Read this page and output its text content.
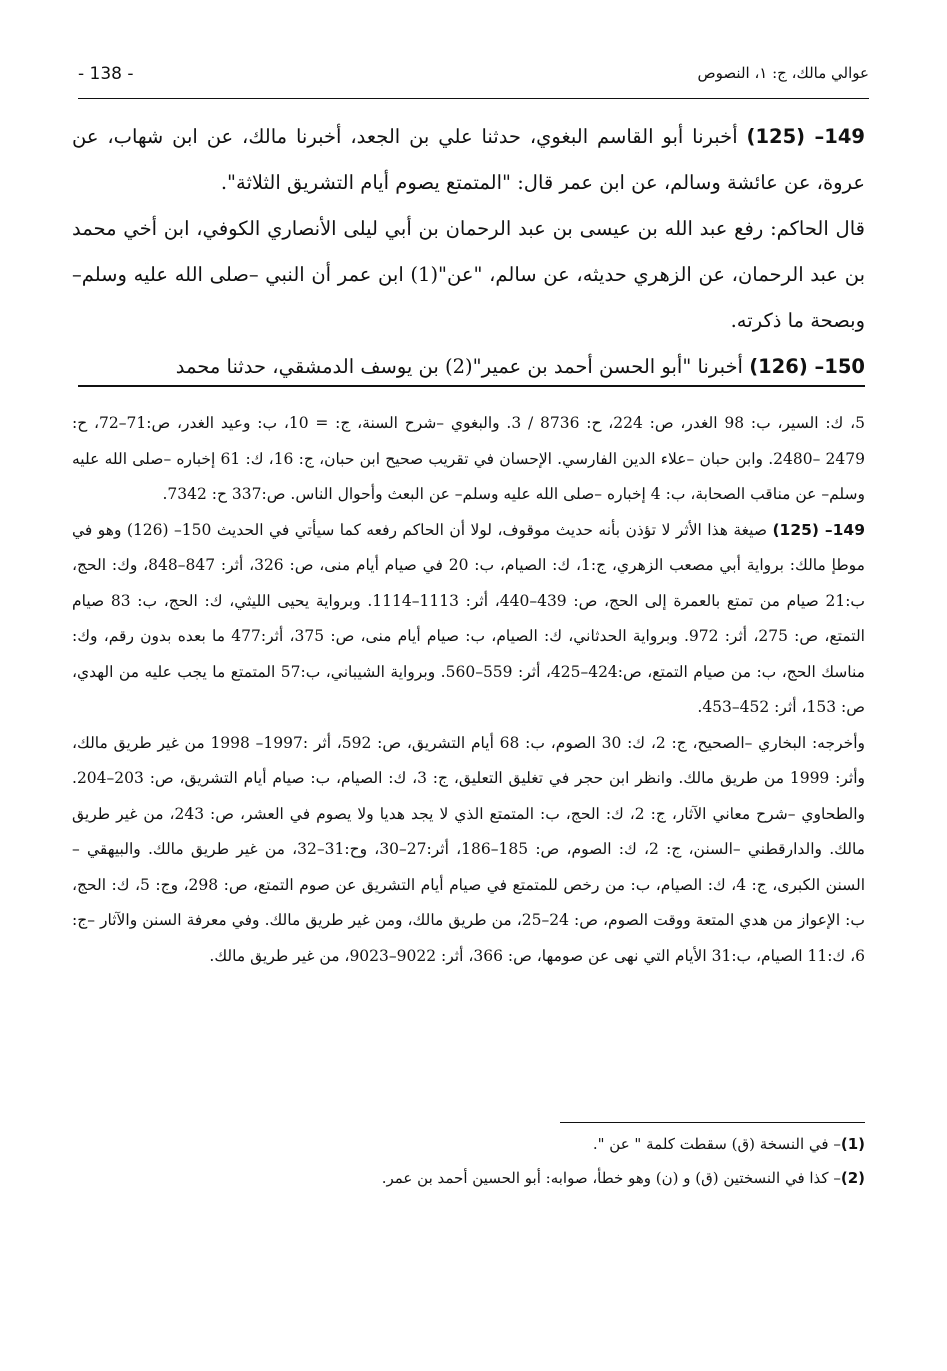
- 138 -	عوالي مالك، ج: ١، النصوص

149– (125) أخبرنا أبو القاسم البغوي، حدثنا علي بن الجعد، أخبرنا مالك، عن ابن شهاب، عن عروة، عن عائشة وسالم، عن ابن عمر قال: "المتمتع يصوم أيام التشريق الثلاثة".

قال الحاكم: رفع عبد الله بن عيسى بن عبد الرحمان بن أبي ليلى الأنصاري الكوفي، ابن أخي محمد بن عبد الرحمان، عن الزهري حديثه، عن سالم، "عن"(1) ابن عمر أن النبي –صلى الله عليه وسلم– وبصحة ما ذكرته.

150– (126) أخبرنا "أبو الحسن أحمد بن عمير"(2) بن يوسف الدمشقي، حدثنا محمد

5، ك: السير، ب: 98 الغدر، ص: 224، ح: 8736 / 3. والبغوي –شرح السنة، ج: = 10، ب: وعيد الغدر، ص:71–72، ح: 2479 –2480. وابن حبان –علاء الدين الفارسي. الإحسان في تقريب صحيح ابن حبان، ج: 16، ك: 61 إخباره –صلى الله عليه وسلم– عن مناقب الصحابة، ب: 4 إخباره –صلى الله عليه وسلم– عن البعث وأحوال الناس. ص:337 ح: 7342.

149– (125) صيغة هذا الأثر لا تؤذن بأنه حديث موقوف، لولا أن الحاكم رفعه كما سيأتي في الحديث 150– (126) وهو في موطإ مالك: برواية أبي مصعب الزهري، ج:1، ك: الصيام، ب: 20 في صيام أيام منى، ص: 326، أثر: 847–848، وك: الحج، ب:21 صيام من تمتع بالعمرة إلى الحج، ص: 439–440، أثر: 1113–1114. وبرواية يحيى الليثي، ك: الحج، ب: 83 صيام التمتع، ص: 275، أثر: 972. وبرواية الحدثاني، ك: الصيام، ب: صيام أيام منى، ص: 375، أثر:477 ما بعده بدون رقم، وك: مناسك الحج، ب: من صيام التمتع، ص:424–425، أثر: 559–560. وبرواية الشيباني، ب:57 المتمتع ما يجب عليه من الهدي، ص: 153، أثر: 452–453.

وأخرجه: البخاري –الصحيح، ج: 2، ك: 30 الصوم، ب: 68 أيام التشريق، ص: 592، أثر :1997– 1998 من غير طريق مالك، وأثر: 1999 من طريق مالك. وانظر ابن حجر في تغليق التعليق، ج: 3، ك: الصيام، ب: صيام أيام التشريق، ص: 203–204. والطحاوي –شرح معاني الآثار، ج: 2، ك: الحج، ب: المتمتع الذي لا يجد هديا ولا يصوم في العشر، ص: 243، من غير طريق مالك. والدارقطني –السنن، ج: 2، ك: الصوم، ص: 185–186، أثر:27–30، وح:31–32، من غير طريق مالك. والبيهقي –السنن الكبرى، ج: 4، ك: الصيام، ب: من رخص للمتمتع في صيام أيام التشريق عن صوم التمتع، ص: 298، وج: 5، ك: الحج، ب: الإعواز من هدي المتعة ووقت الصوم، ص: 24–25، من طريق مالك، ومن غير طريق مالك. وفي معرفة السنن والآثار –ج: 6، ك:11 الصيام، ب:31 الأيام التي نهى عن صومها، ص: 366، أثر: 9022–9023، من غير طريق مالك.

(1)– في النسخة (ق) سقطت كلمة " عن ".

(2)– كذا في النسختين (ق) و (ن) وهو خطأ، صوابه: أبو الحسين أحمد بن عمر.
